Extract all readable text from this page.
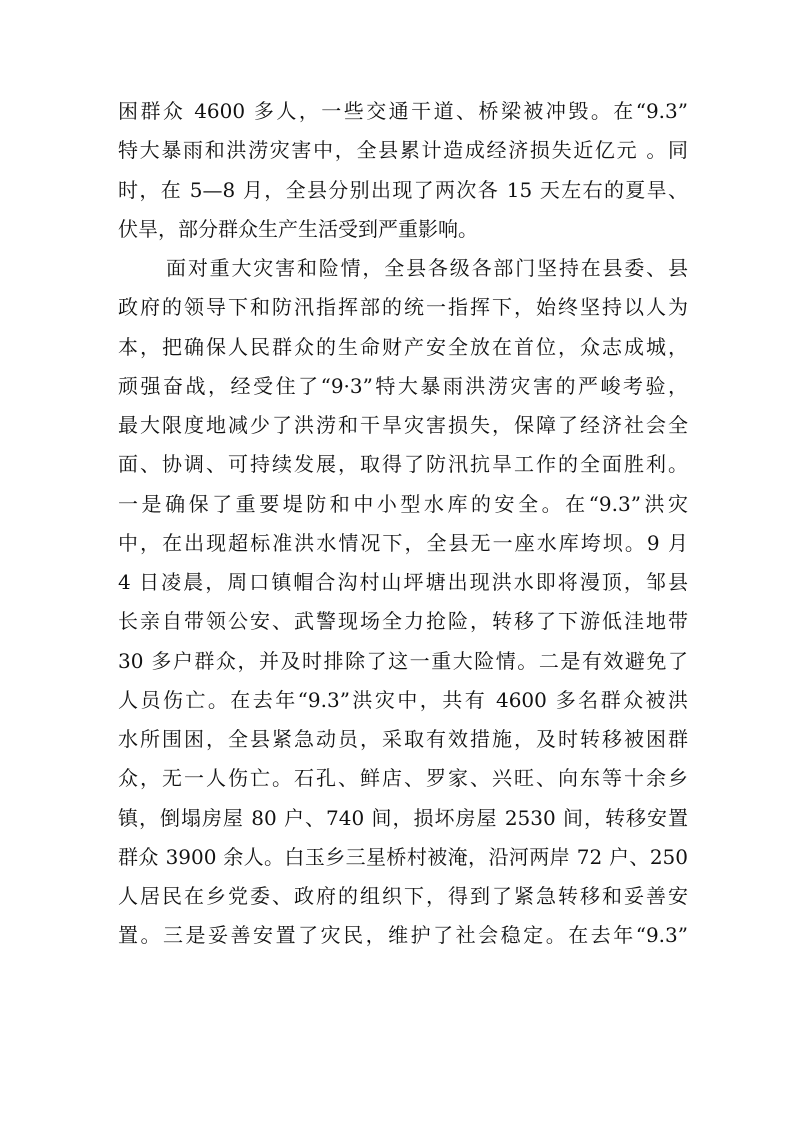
困群众 4600 多人，一些交通干道、桥梁被冲毁。在“9.3”
特大暴雨和洪涝灾害中，全县累计造成经济损失近亿元 。同
时，在 5—8 月，全县分别出现了两次各 15 天左右的夏旱、
伏旱，部分群众生产生活受到严重影响。
面对重大灾害和险情，全县各级各部门坚持在县委、县
政府的领导下和防汛指挥部的统一指挥下，始终坚持以人为
本，把确保人民群众的生命财产安全放在首位，众志成城，
顽强奋战，经受住了“9·3”特大暴雨洪涝灾害的严峻考验，
最大限度地减少了洪涝和干旱灾害损失，保障了经济社会全
面、协调、可持续发展，取得了防汛抗旱工作的全面胜利。
一是确保了重要堤防和中小型水库的安全。在“9.3”洪灾
中，在出现超标准洪水情况下，全县无一座水库垮坝。9 月
4 日凌晨，周口镇帽合沟村山坪塘出现洪水即将漫顶，邹县
长亲自带领公安、武警现场全力抢险，转移了下游低洼地带
30 多户群众，并及时排除了这一重大险情。二是有效避免了
人员伤亡。在去年“9.3”洪灾中，共有 4600 多名群众被洪
水所围困，全县紧急动员，采取有效措施，及时转移被困群
众，无一人伤亡。石孔、鲜店、罗家、兴旺、向东等十余乡
镇，倒塌房屋 80 户、740 间，损坏房屋 2530 间，转移安置
群众 3900 余人。白玉乡三星桥村被淹，沿河两岸 72 户、250
人居民在乡党委、政府的组织下，得到了紧急转移和妥善安
置。三是妥善安置了灾民，维护了社会稳定。在去年“9.3”
